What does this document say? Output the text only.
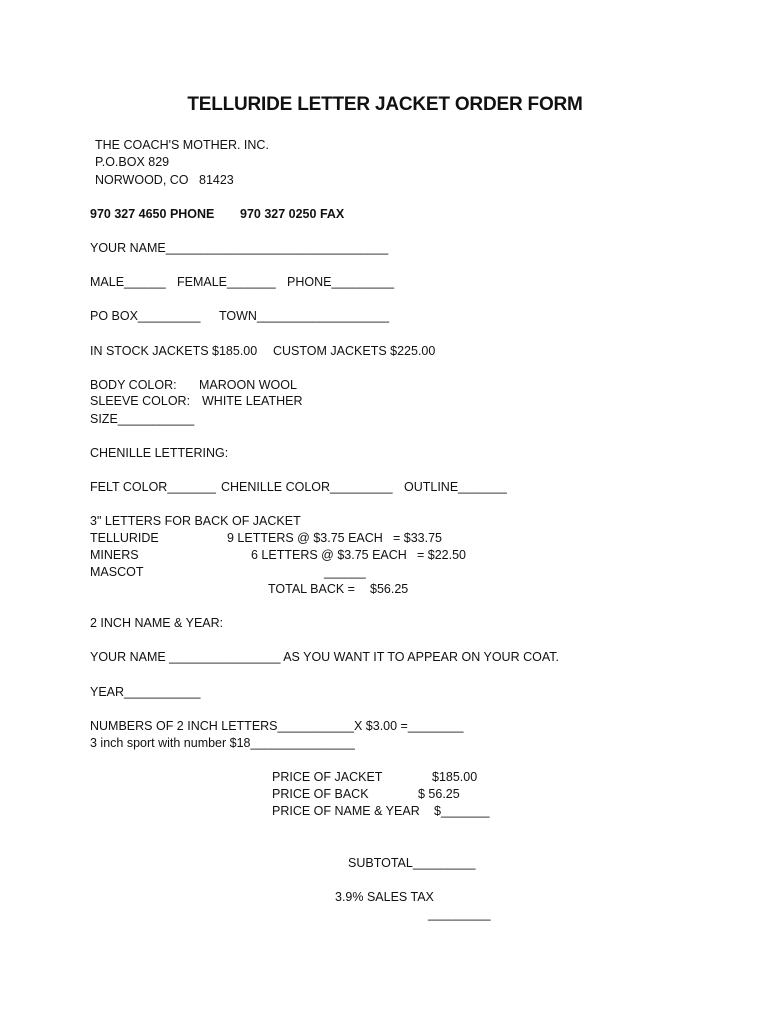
TELLURIDE LETTER JACKET ORDER FORM
THE COACH'S MOTHER. INC.
P.O.BOX 829
NORWOOD, CO 81423
970 327 4650 PHONE 970 327 0250 FAX
YOUR NAME________________________________
MALE______ FEMALE_______ PHONE_________
PO BOX_________ TOWN___________________
IN STOCK JACKETS $185.00 CUSTOM JACKETS $225.00
BODY COLOR: MAROON WOOL
SLEEVE COLOR: WHITE LEATHER
SIZE___________
CHENILLE LETTERING:
FELT COLOR_______ CHENILLE COLOR_________ OUTLINE_______
3" LETTERS FOR BACK OF JACKET
TELLURIDE	9 LETTERS @ $3.75 EACH = $33.75
MINERS	6 LETTERS @ $3.75 EACH = $22.50
MASCOT	______
TOTAL BACK = $56.25
2 INCH NAME & YEAR:
YOUR NAME ________________ AS YOU WANT IT TO APPEAR ON YOUR COAT.
YEAR___________
NUMBERS OF 2 INCH LETTERS___________X $3.00 =________
3 inch sport with number $18_______________
PRICE OF JACKET	$185.00
PRICE OF BACK	$ 56.25
PRICE OF NAME & YEAR $_______
SUBTOTAL_________
3.9% SALES TAX
_________
